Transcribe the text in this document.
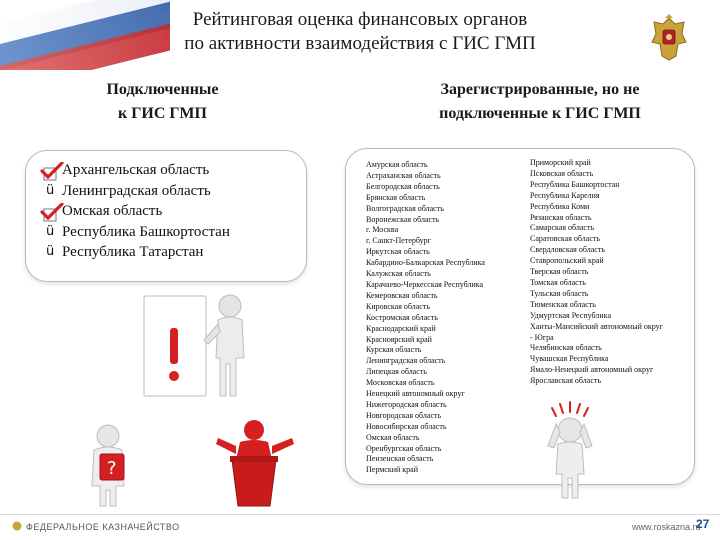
Рейтинговая оценка финансовых органов
по активности взаимодействия с ГИС ГМП
Подключенные
к ГИС ГМП
Зарегистрированные, но не
подключенные к ГИС ГМП
Архангельская область
ü Ленинградская область
Омская область
ü Республика Башкортостан
ü Республика Татарстан
Амурская область
Астраханская область
Белгородская область
Брянская область
Волгоградская область
Воронежская область
г. Москва
г. Санкт-Петербург
Иркутская область
Кабардино-Балкарская Республика
Калужская область
Карачаево-Черкесская Республика
Кемеровская область
Кировская область
Костромская область
Краснодарский край
Красноярский край
Курская область
Ленинградская область
Липецкая область
Московская область
Ненецкий автономный округ
Нижегородская область
Новгородская область
Новосибирская область
Омская область
Оренбургская область
Пензенская область
Пермский край
Приморский край
Псковская область
Республика Башкортостан
Республика Карелия
Республика Коми
Рязанская область
Самарская область
Саратовская область
Свердловская область
Ставропольский край
Тверская область
Томская область
Тульская область
Тюменская область
Удмуртская Республика
Ханты-Мансийский автономный округ
- Югра
Челябинская область
Чувашская Республика
Ямало-Ненецкий автономный округ
Ярославская область
?
ФЕДЕРАЛЬНОЕ КАЗНАЧЕЙСТВО	www.roskazna.ru
27
